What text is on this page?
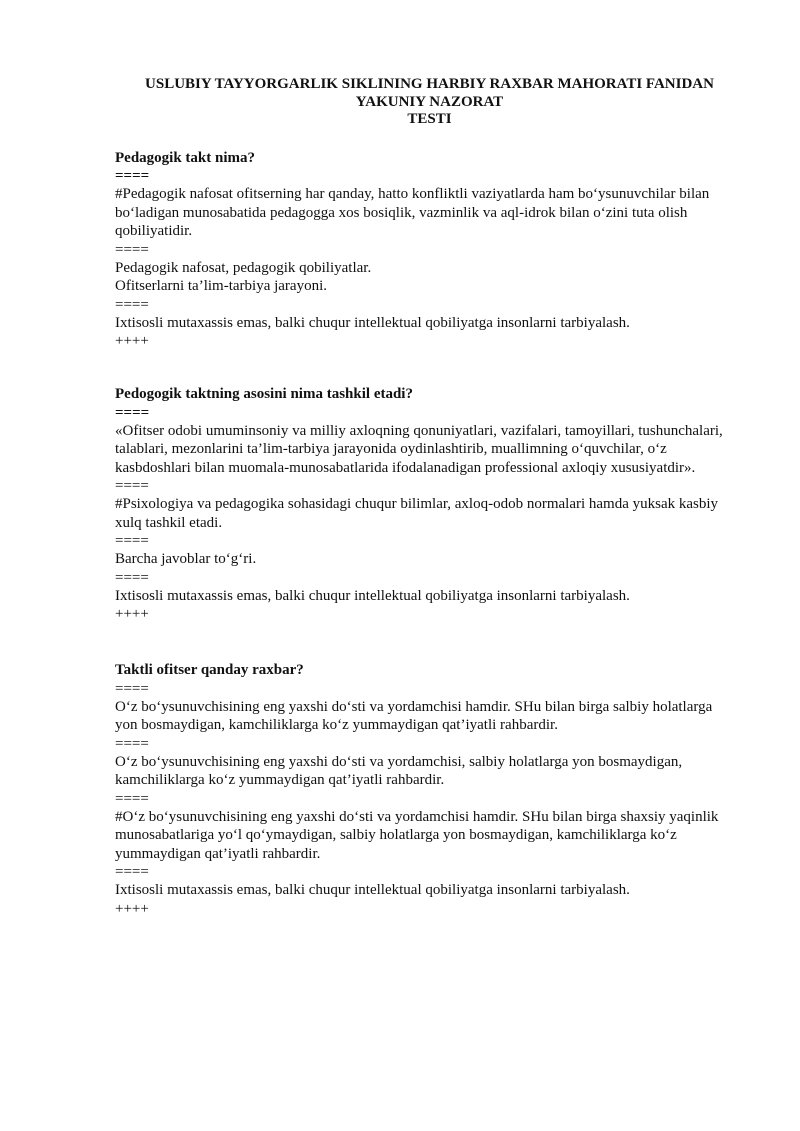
USLUBIY TAYYORGARLIK SIKLINING HARBIY RAXBAR MAHORATI FANIDAN
YAKUNIY NAZORAT
TESTI
Pedagogik takt nima?
====
#Pedagogik nafosat ofitserning har qanday, hatto konfliktli vaziyatlarda ham bo‘ysunuvchilar bilan bo‘ladigan munosabatida pedagogga xos bosiqlik, vazminlik va aql-idrok bilan o‘zini tuta olish qobiliyatidir.
====
Pedagogik nafosat, pedagogik qobiliyatlar.
Ofitserlarni ta’lim-tarbiya jarayoni.
====
Ixtisosli mutaxassis emas, balki chuqur intellektual qobiliyatga insonlarni tarbiyalash.
++++
Pedogogik taktning asosini nima tashkil etadi?
====
«Ofitser odobi umuminsoniy va milliy axloqning qonuniyatlari, vazifalari, tamoyillari, tushunchalari, talablari, mezonlarini ta’lim-tarbiya jarayonida oydinlashtirib, muallimning o‘quvchilar, o‘z kasbdoshlari bilan muomala-munosabatlarida ifodalanadigan professional axloqiy xususiyatdir».
====
#Psixologiya va pedagogika sohasidagi chuqur bilimlar, axloq-odob normalari hamda yuksak kasbiy xulq tashkil etadi.
====
Barcha javoblar to‘g‘ri.
====
Ixtisosli mutaxassis emas, balki chuqur intellektual qobiliyatga insonlarni tarbiyalash.
++++
Taktli ofitser qanday raxbar?
====
O‘z bo‘ysunuvchisining eng yaxshi do‘sti va yordamchisi hamdir. SHu bilan birga salbiy holatlarga yon bosmaydigan, kamchiliklarga ko‘z yummaydigan qat’iyatli rahbardir.
====
O‘z bo‘ysunuvchisining eng yaxshi do‘sti va yordamchisi, salbiy holatlarga yon bosmaydigan, kamchiliklarga ko‘z yummaydigan qat’iyatli rahbardir.
====
#O‘z bo‘ysunuvchisining eng yaxshi do‘sti va yordamchisi hamdir. SHu bilan birga shaxsiy yaqinlik munosabatlariga yo‘l qo‘ymaydigan, salbiy holatlarga yon bosmaydigan, kamchiliklarga ko‘z yummaydigan qat’iyatli rahbardir.
====
Ixtisosli mutaxassis emas, balki chuqur intellektual qobiliyatga insonlarni tarbiyalash.
++++
